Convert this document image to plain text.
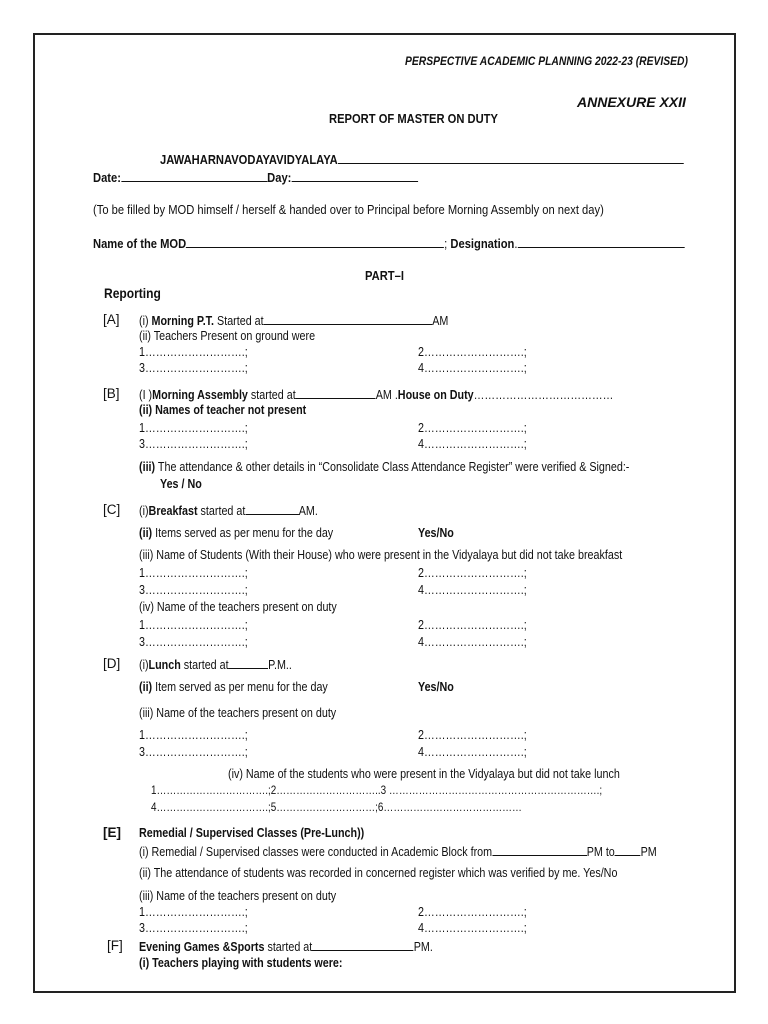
PERSPECTIVE ACADEMIC PLANNING 2022-23 (REVISED)
ANNEXURE XXII
REPORT OF MASTER ON DUTY
JAWAHARNAVODAYAVIDYALAYA
Date:	Day:
(To be filled by MOD himself / herself & handed over to Principal before Morning Assembly on next day)
Name of the MOD	; Designation.
PART–I
Reporting
[A] (i) Morning P.T. Started at	AM
(ii) Teachers Present on ground were
1……………………….;	2……………………….;
3……………………….;	4……………………….;
[B] (I )Morning Assembly started at	AM .House on Duty…………………………………
(ii) Names of teacher not present
1……………………….;	2……………………….;
3……………………….;	4……………………….;
(iii) The attendance & other details in “Consolidate Class Attendance Register” were verified & Signed:-
Yes / No
[C] (i)Breakfast started at	AM.
(ii) Items served as per menu for the day	Yes/No
(iii) Name of Students (With their House) who were present in the Vidyalaya but did not take breakfast
1……………………….;	2……………………….;
3……………………….;	4……………………….;
(iv) Name of the teachers present on duty
1……………………….;	2……………………….;
3……………………….;	4……………………….;
[D] (i)Lunch started at	P.M..
(ii) Item served as per menu for the day	Yes/No
(iii) Name of the teachers present on duty
1……………………….;	2……………………….;
3……………………….;	4……………………….;
(iv) Name of the students who were present in the Vidyalaya but did not take lunch
1…………………………….;2…………………………..3 ……………………………………………………….;
4…………………………….;5…………………………;6……………………………………
[E] Remedial / Supervised Classes (Pre-Lunch))
(i) Remedial / Supervised classes were conducted in Academic Block from	PM to PM
(ii) The attendance of students was recorded in concerned register which was verified by me. Yes/No
(iii) Name of the teachers present on duty
1……………………….;	2……………………….;
3……………………….;	4……………………….;
[F] Evening Games &Sports started at	PM.
(i) Teachers playing with students were:
